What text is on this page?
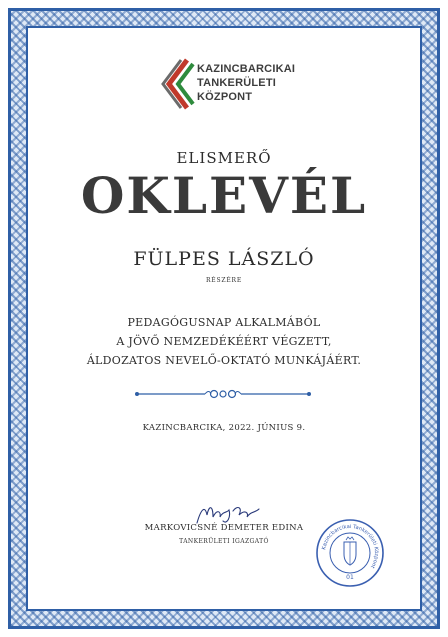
KAZINCBARCIKAI
TANKERÜLETI
KÖZPONT
ELISMERŐ
OKLEVÉL
FÜLPES LÁSZLÓ
RÉSZÉRE
PEDAGÓGUSNAP ALKALMÁBÓL
A JÖVŐ NEMZEDÉKÉÉRT VÉGZETT,
ÁLDOZATOS NEVELŐ-OKTATÓ MUNKÁJÁÉRT.
KAZINCBARCIKA, 2022. JÚNIUS 9.
MARKOVICSNÉ DEMETER EDINA
TANKERÜLETI IGAZGATÓ
Kazincbarcikai Tankerületi Központ
01
